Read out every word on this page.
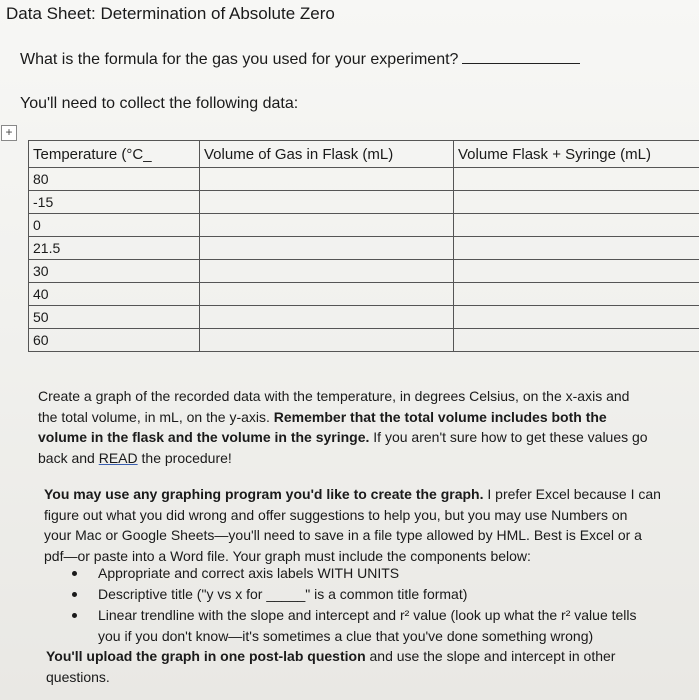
Data Sheet: Determination of Absolute Zero
What is the formula for the gas you used for your experiment?
You'll need to collect the following data:
+
Temperature (°C_	Volume of Gas in Flask (mL)	Volume Flask + Syringe (mL)
80		
-15		
0		
21.5		
30		
40		
50		
60		
Create a graph of the recorded data with the temperature, in degrees Celsius, on the x-axis and
the total volume, in mL, on the y-axis. Remember that the total volume includes both the
volume in the flask and the volume in the syringe. If you aren't sure how to get these values go
back and READ the procedure!
You may use any graphing program you'd like to create the graph. I prefer Excel because I can
figure out what you did wrong and offer suggestions to help you, but you may use Numbers on
your Mac or Google Sheets—you'll need to save in a file type allowed by HML. Best is Excel or a
pdf—or paste into a Word file. Your graph must include the components below:
Appropriate and correct axis labels WITH UNITS
Descriptive title ("y vs x for _____" is a common title format)
Linear trendline with the slope and intercept and r² value (look up what the r² value tells
you if you don't know—it's sometimes a clue that you've done something wrong)
You'll upload the graph in one post-lab question and use the slope and intercept in other
questions.
